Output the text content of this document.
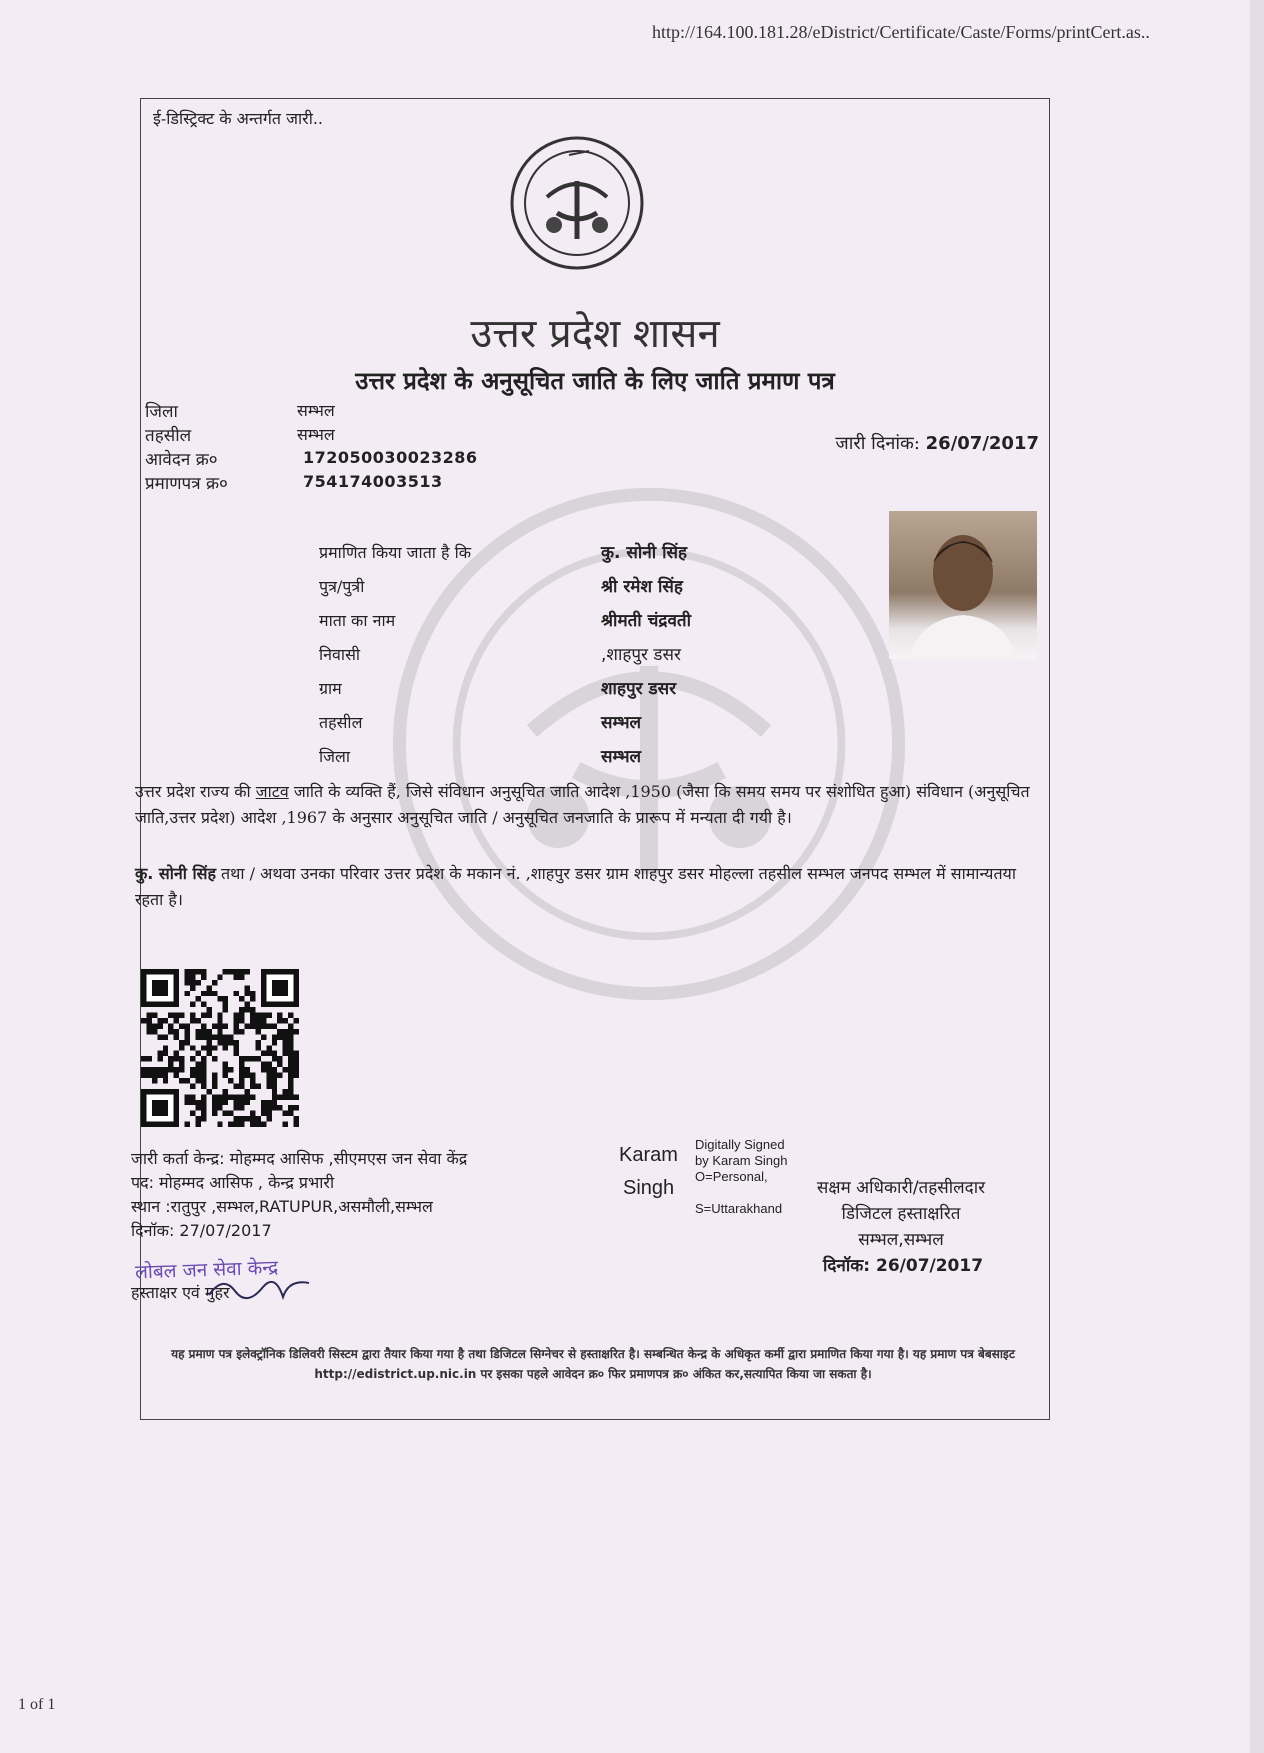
http://164.100.181.28/eDistrict/Certificate/Caste/Forms/printCert.as..
ई-डिस्ट्रिक्ट के अन्तर्गत जारी..
उत्तर प्रदेश शासन
उत्तर प्रदेश के अनुसूचित जाति के लिए जाति प्रमाण पत्र
जिला	सम्भल
तहसील	सम्भल
आवेदन क्र०	172050030023286
प्रमाणपत्र क्र०	754174003513
जारी दिनांक: 26/07/2017
प्रमाणित किया जाता है कि	कु. सोनी सिंह
पुत्र/पुत्री	श्री रमेश सिंह
माता का नाम	श्रीमती चंद्रवती
निवासी	,शाहपुर डसर
ग्राम	शाहपुर डसर
तहसील	सम्भल
जिला	सम्भल
उत्तर प्रदेश राज्य की जाटव जाति के व्यक्ति हैं, जिसे संविधान अनुसूचित जाति आदेश ,1950 (जैसा कि समय समय पर संशोधित हुआ) संविधान (अनुसूचित जाति,उत्तर प्रदेश) आदेश ,1967 के अनुसार अनुसूचित जाति / अनुसूचित जनजाति के प्रारूप में मन्यता दी गयी है।
कु. सोनी सिंह तथा / अथवा उनका परिवार उत्तर प्रदेश के मकान नं. ,शाहपुर डसर ग्राम शाहपुर डसर मोहल्ला तहसील सम्भल जनपद सम्भल में सामान्यतया रहता है।
जारी कर्ता केन्द्र: मोहम्मद आसिफ ,सीएमएस जन सेवा केंद्र
पद: मोहम्मद आसिफ , केन्द्र प्रभारी
स्थान :रातुपुर ,सम्भल,RATUPUR,असमौली,सम्भल
दिनॉक: 27/07/2017
लोबल जन सेवा केन्द्र
हस्ताक्षर एवं मुहर
Karam
Singh
Digitally Signed
by Karam Singh
O=Personal,
S=Uttarakhand
सक्षम अधिकारी/तहसीलदार
डिजिटल हस्ताक्षरित
सम्भल,सम्भल
दिनॉक: 26/07/2017
यह प्रमाण पत्र इलेक्ट्रॉनिक डिलिवरी सिस्टम द्वारा तैयार किया गया है तथा डिजिटल सिग्नेचर से हस्ताक्षरित है। सम्बन्धित केन्द्र के अधिकृत कर्मी द्वारा प्रमाणित किया गया है। यह प्रमाण पत्र बेबसाइट http://edistrict.up.nic.in पर इसका पहले आवेदन क्र० फिर प्रमाणपत्र क्र० अंकित कर,सत्यापित किया जा सकता है।
1 of 1
